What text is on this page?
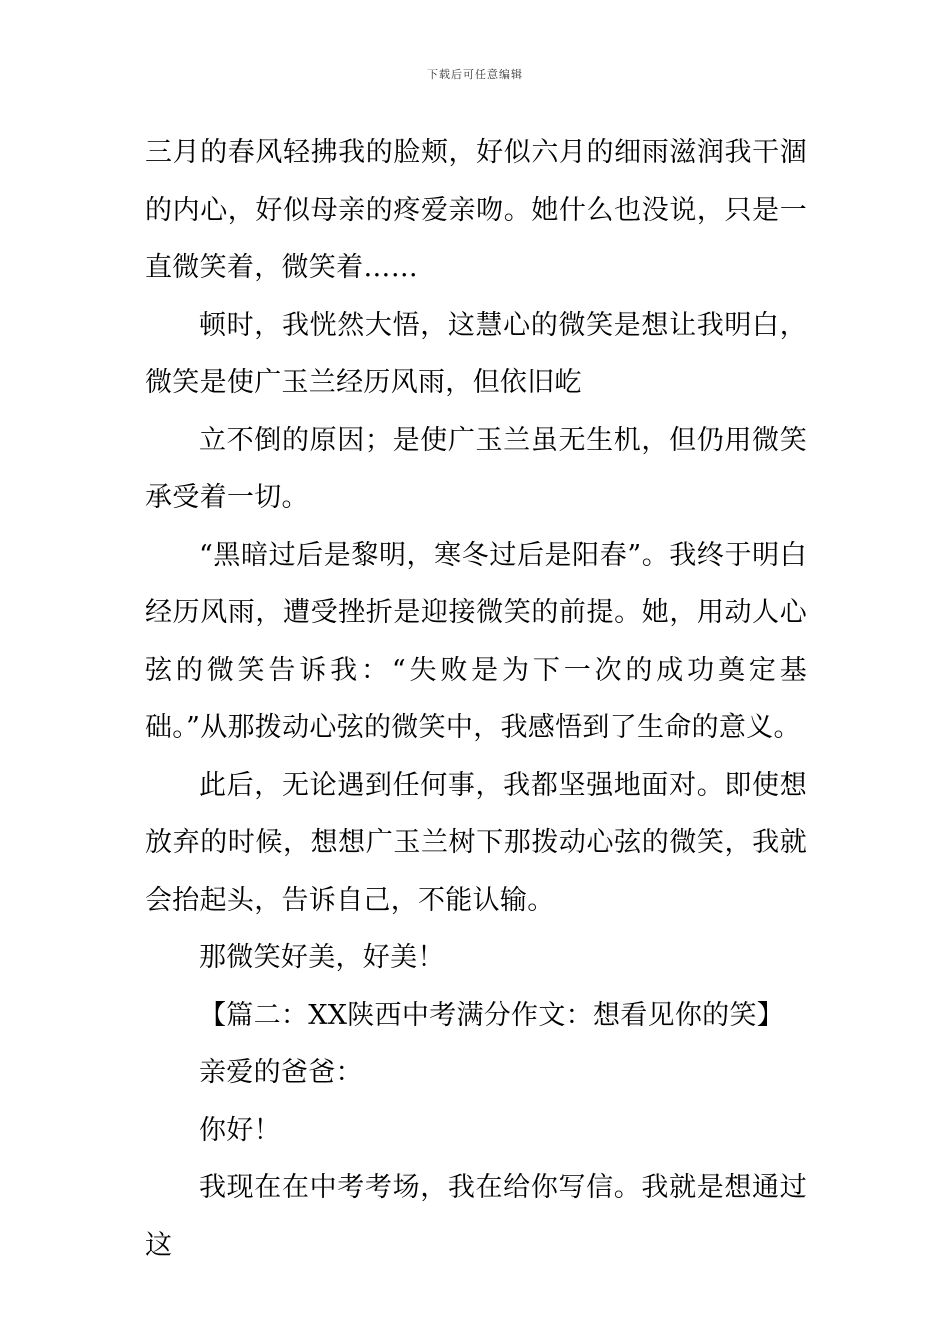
下载后可任意编辑

三月的春风轻拂我的脸颊，好似六月的细雨滋润我干涸的内心，好似母亲的疼爱亲吻。她什么也没说，只是一直微笑着，微笑着……

顿时，我恍然大悟，这慧心的微笑是想让我明白，微笑是使广玉兰经历风雨，但依旧屹

立不倒的原因；是使广玉兰虽无生机，但仍用微笑承受着一切。

“黑暗过后是黎明，寒冬过后是阳春”。我终于明白经历风雨，遭受挫折是迎接微笑的前提。她，用动人心弦的微笑告诉我：“失败是为下一次的成功奠定基础。”从那拨动心弦的微笑中，我感悟到了生命的意义。

此后，无论遇到任何事，我都坚强地面对。即使想放弃的时候，想想广玉兰树下那拨动心弦的微笑，我就会抬起头，告诉自己，不能认输。

那微笑好美，好美！

【篇二：XX陕西中考满分作文：想看见你的笑】

亲爱的爸爸：

你好！

我现在在中考考场，我在给你写信。我就是想通过这
